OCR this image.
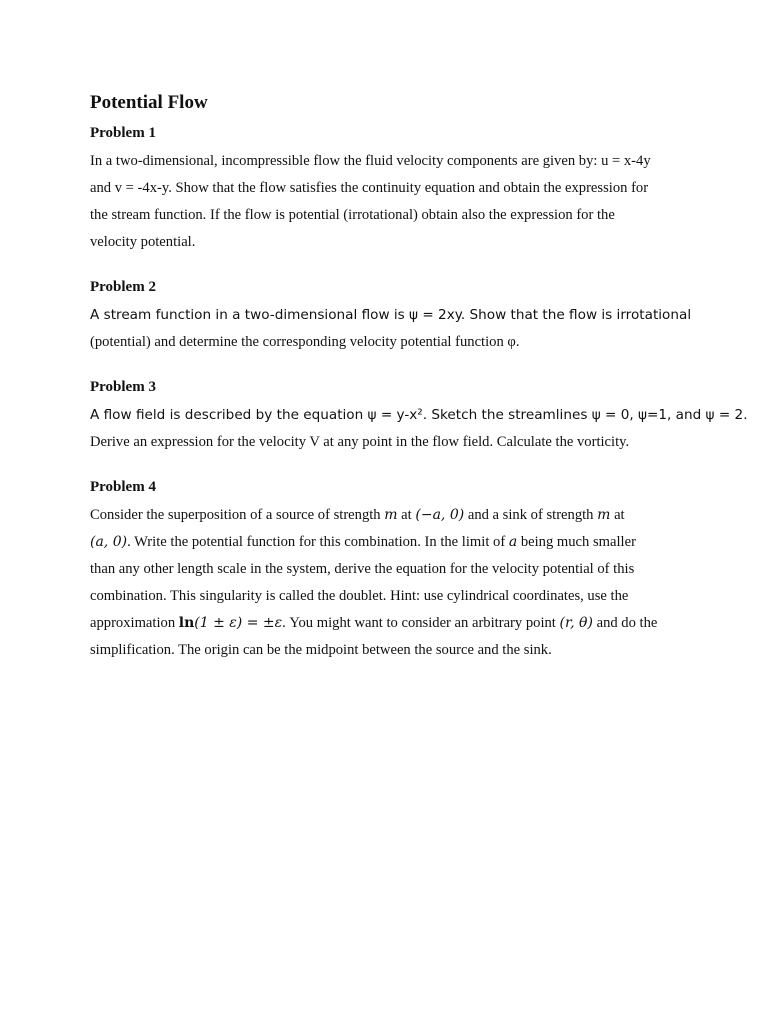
Potential Flow
Problem 1
In a two-dimensional, incompressible flow the fluid velocity components are given by: u = x-4y
and v = -4x-y. Show that the flow satisfies the continuity equation and obtain the expression for
the stream function. If the flow is potential (irrotational) obtain also the expression for the
velocity potential.
Problem 2
A stream function in a two-dimensional flow is ψ = 2xy. Show that the flow is irrotational
(potential) and determine the corresponding velocity potential function φ.
Problem 3
A flow field is described by the equation ψ = y-x². Sketch the streamlines ψ = 0, ψ=1, and ψ = 2.
Derive an expression for the velocity V at any point in the flow field. Calculate the vorticity.
Problem 4
Consider the superposition of a source of strength m at (−a, 0) and a sink of strength m at
(a, 0). Write the potential function for this combination. In the limit of a being much smaller
than any other length scale in the system, derive the equation for the velocity potential of this
combination. This singularity is called the doublet. Hint: use cylindrical coordinates, use the
approximation ln(1 ± ε) = ±ε. You might want to consider an arbitrary point (r, θ) and do the
simplification. The origin can be the midpoint between the source and the sink.
